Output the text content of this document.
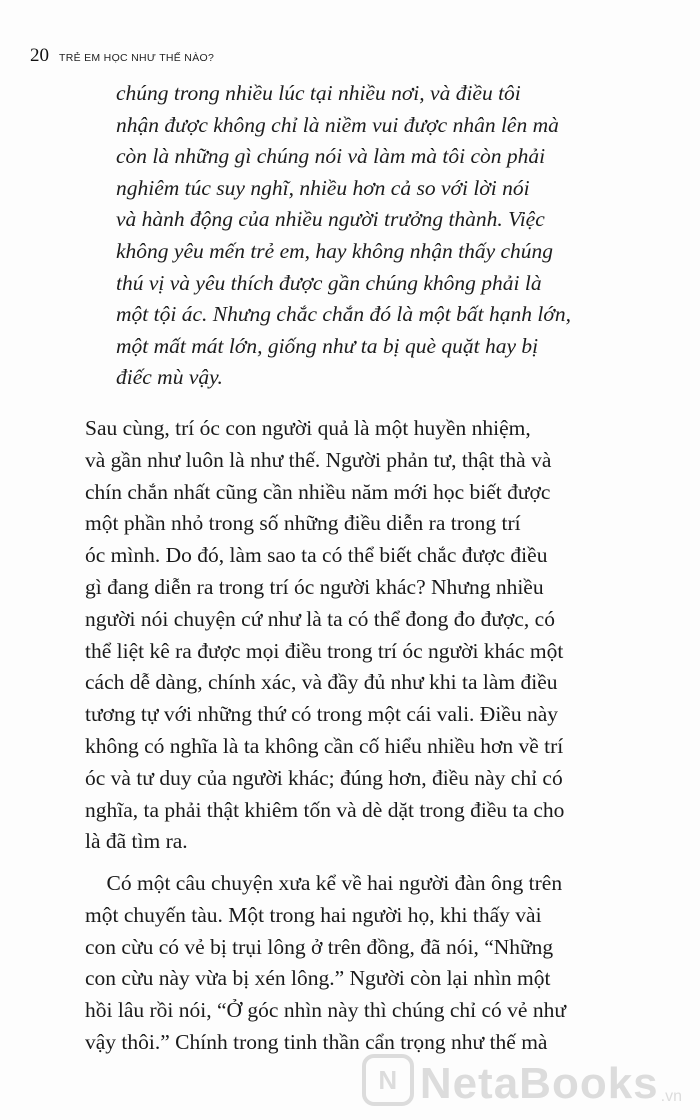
20 TRẺ EM HỌC NHƯ THẾ NÀO?
chúng trong nhiều lúc tại nhiều nơi, và điều tôi
nhận được không chỉ là niềm vui được nhân lên mà
còn là những gì chúng nói và làm mà tôi còn phải
nghiêm túc suy nghĩ, nhiều hơn cả so với lời nói
và hành động của nhiều người trưởng thành. Việc
không yêu mến trẻ em, hay không nhận thấy chúng
thú vị và yêu thích được gần chúng không phải là
một tội ác. Nhưng chắc chắn đó là một bất hạnh lớn,
một mất mát lớn, giống như ta bị què quặt hay bị
điếc mù vậy.
Sau cùng, trí óc con người quả là một huyền nhiệm,
và gần như luôn là như thế. Người phản tư, thật thà và
chín chắn nhất cũng cần nhiều năm mới học biết được
một phần nhỏ trong số những điều diễn ra trong trí
óc mình. Do đó, làm sao ta có thể biết chắc được điều
gì đang diễn ra trong trí óc người khác? Nhưng nhiều
người nói chuyện cứ như là ta có thể đong đo được, có
thể liệt kê ra được mọi điều trong trí óc người khác một
cách dễ dàng, chính xác, và đầy đủ như khi ta làm điều
tương tự với những thứ có trong một cái vali. Điều này
không có nghĩa là ta không cần cố hiểu nhiều hơn về trí
óc và tư duy của người khác; đúng hơn, điều này chỉ có
nghĩa, ta phải thật khiêm tốn và dè dặt trong điều ta cho
là đã tìm ra.
Có một câu chuyện xưa kể về hai người đàn ông trên
một chuyến tàu. Một trong hai người họ, khi thấy vài
con cừu có vẻ bị trụi lông ở trên đồng, đã nói, “Những
con cừu này vừa bị xén lông.” Người còn lại nhìn một
hồi lâu rồi nói, “Ở góc nhìn này thì chúng chỉ có vẻ như
vậy thôi.” Chính trong tinh thần cẩn trọng như thế mà
N NetaBooks .vn
